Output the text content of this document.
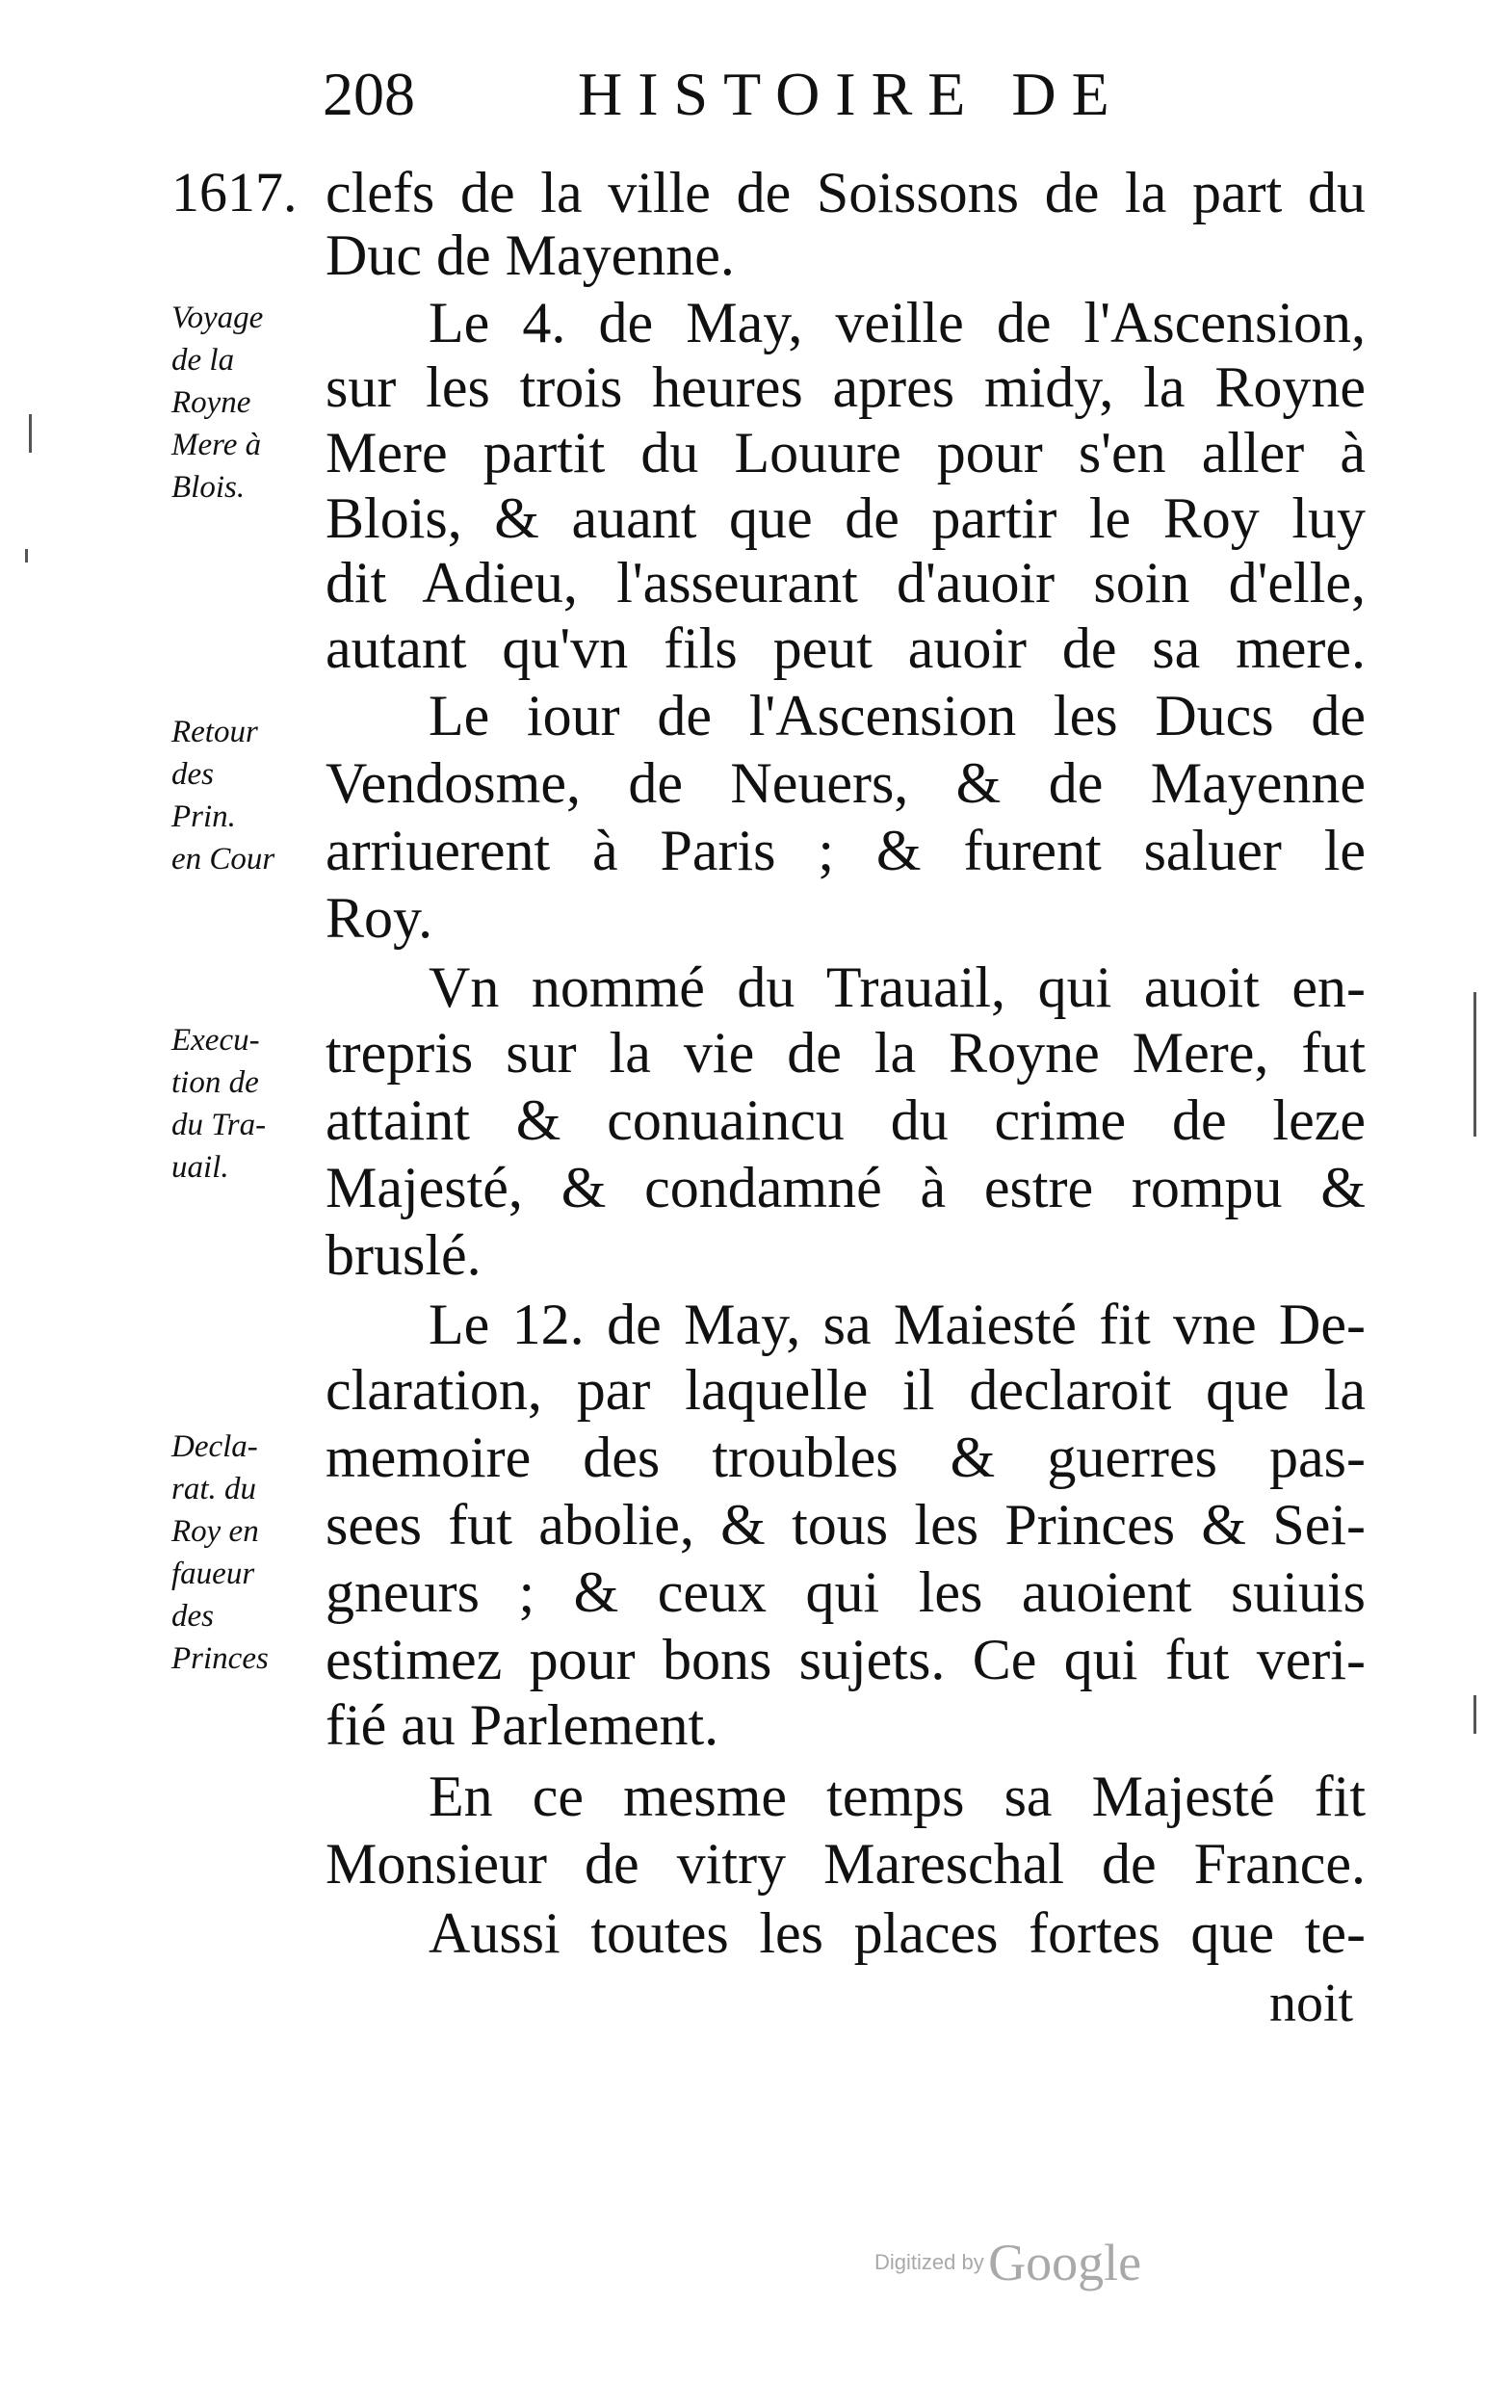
208	HISTOIRE DE
1617. clefs de la ville de Soissons de la part du
Duc de Mayenne.
Le 4. de May, veille de l'Ascension,
sur les trois heures apres midy, la Royne
Mere partit du Louure pour s'en aller à
Blois, & auant que de partir le Roy luy
dit Adieu, l'asseurant d'auoir soin d'elle,
autant qu'vn fils peut auoir de sa mere.
Le iour de l'Ascension les Ducs de
Vendosme, de Neuers, & de Mayenne
arriuerent à Paris ; & furent saluer le
Roy.
Vn nommé du Trauail, qui auoit en-
trepris sur la vie de la Royne Mere, fut
attaint & conuaincu du crime de leze
Majesté, & condamné à estre rompu &
bruslé.
Le 12. de May, sa Maiesté fit vne De-
claration, par laquelle il declaroit que la
memoire des troubles & guerres pas-
sees fut abolie, & tous les Princes & Sei-
gneurs ; & ceux qui les auoient suiuis
estimez pour bons sujets. Ce qui fut veri-
fié au Parlement.
En ce mesme temps sa Majesté fit
Monsieur de vitry Mareschal de France.
Aussi toutes les places fortes que te-
noit
Voyage
de la
Royne
Mere à
Blois.
Retour
des
Prin.
en Cour
Execu-
tion de
du Tra-
uail.
Decla-
rat. du
Roy en
faueur
des
Princes
Digitized by Google
